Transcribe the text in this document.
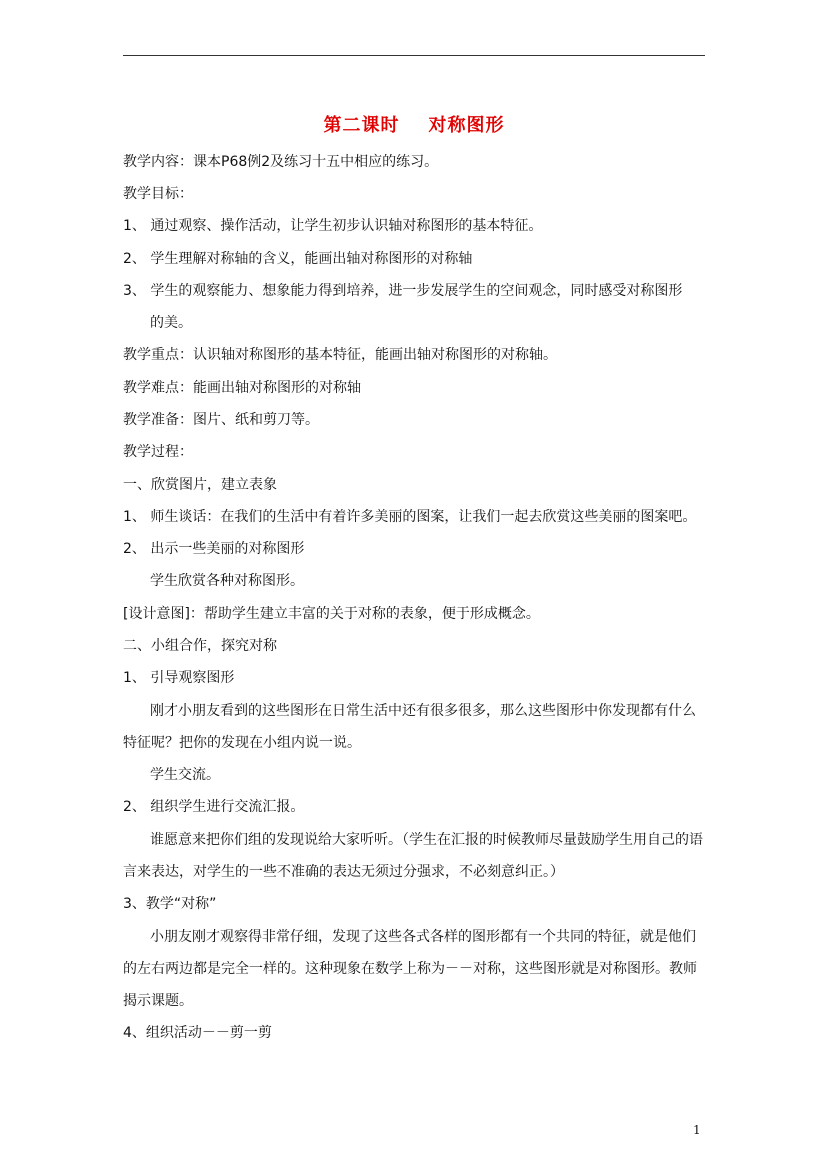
第二课时    对称图形
教学内容：课本P68例2及练习十五中相应的练习。
教学目标：
1、 通过观察、操作活动，让学生初步认识轴对称图形的基本特征。
2、 学生理解对称轴的含义，能画出轴对称图形的对称轴
3、 学生的观察能力、想象能力得到培养，进一步发展学生的空间观念，同时感受对称图形
的美。
教学重点：认识轴对称图形的基本特征，能画出轴对称图形的对称轴。
教学难点：能画出轴对称图形的对称轴
教学准备：图片、纸和剪刀等。
教学过程：
一、欣赏图片，建立表象
1、 师生谈话：在我们的生活中有着许多美丽的图案，让我们一起去欣赏这些美丽的图案吧。
2、 出示一些美丽的对称图形
学生欣赏各种对称图形。
[设计意图]：帮助学生建立丰富的关于对称的表象，便于形成概念。
二、小组合作，探究对称
1、 引导观察图形
刚才小朋友看到的这些图形在日常生活中还有很多很多，那么这些图形中你发现都有什么特征呢？把你的发现在小组内说一说。
学生交流。
2、 组织学生进行交流汇报。
谁愿意来把你们组的发现说给大家听听。（学生在汇报的时候教师尽量鼓励学生用自己的语言来表达，对学生的一些不准确的表达无须过分强求，不必刻意纠正。）
3、教学“对称”
小朋友刚才观察得非常仔细，发现了这些各式各样的图形都有一个共同的特征，就是他们的左右两边都是完全一样的。这种现象在数学上称为－－对称，这些图形就是对称图形。教师揭示课题。
4、组织活动－－剪一剪
1
